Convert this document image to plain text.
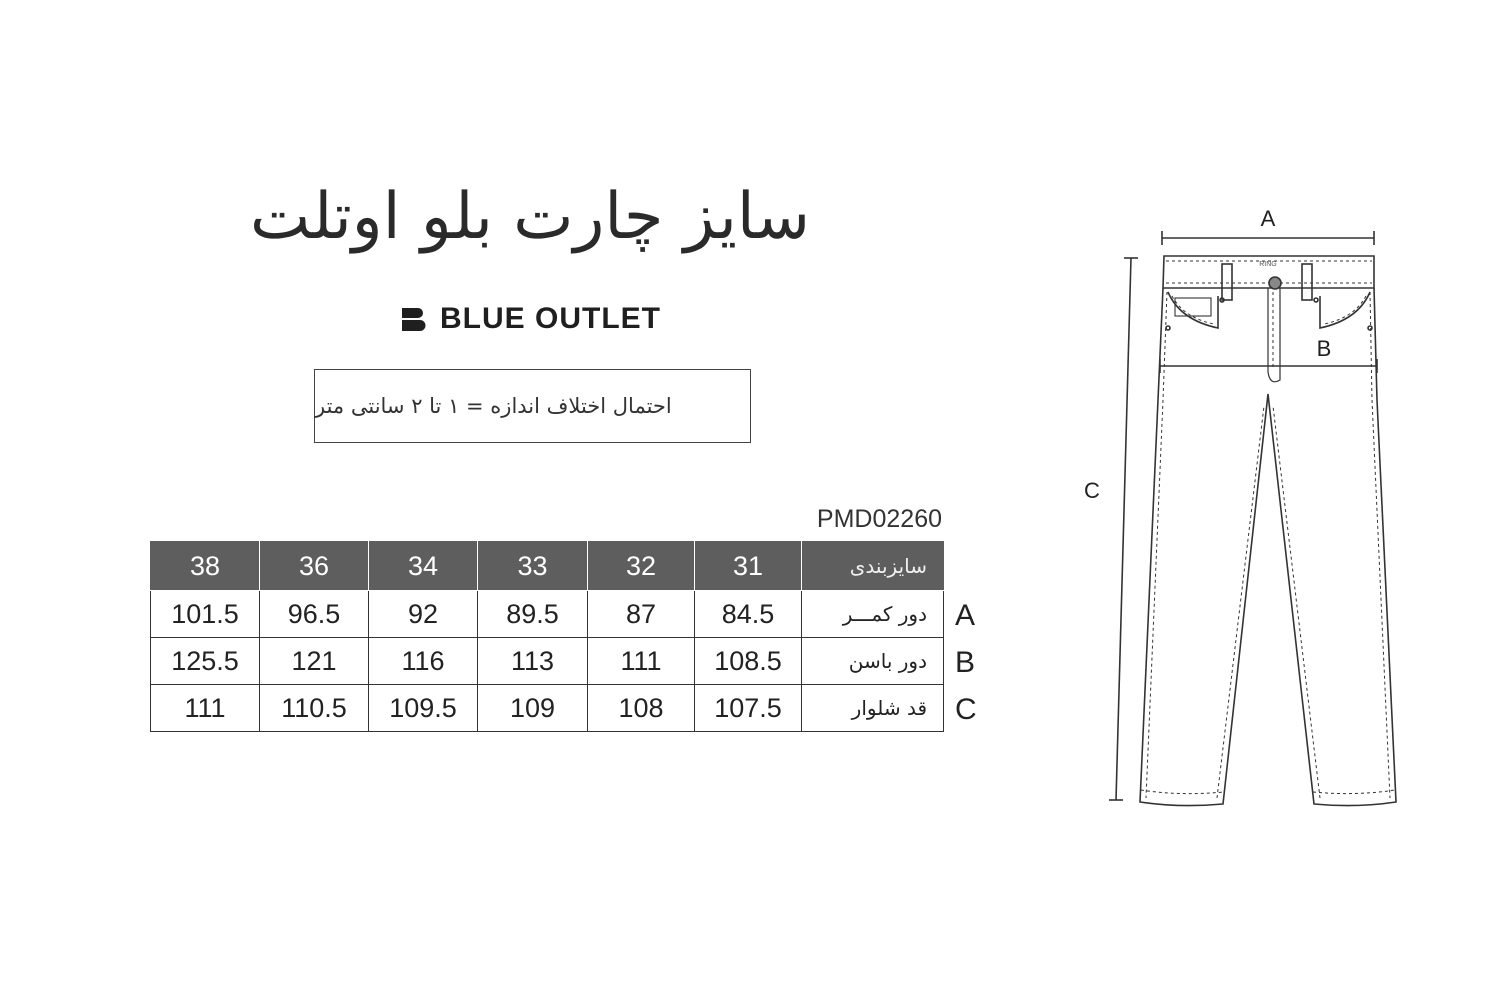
سایز چارت بلو اوتلت
BLUE OUTLET
احتمال اختلاف اندازه = ۱ تا ۲ سانتی متر
PMD02260
38	36	34	33	32	31	سایزبندی
101.5	96.5	92	89.5	87	84.5	دور کمـــر
125.5	121	116	113	111	108.5	دور باسن
111	110.5	109.5	109	108	107.5	قد شلوار
A
B
C
A
B
C
RING
